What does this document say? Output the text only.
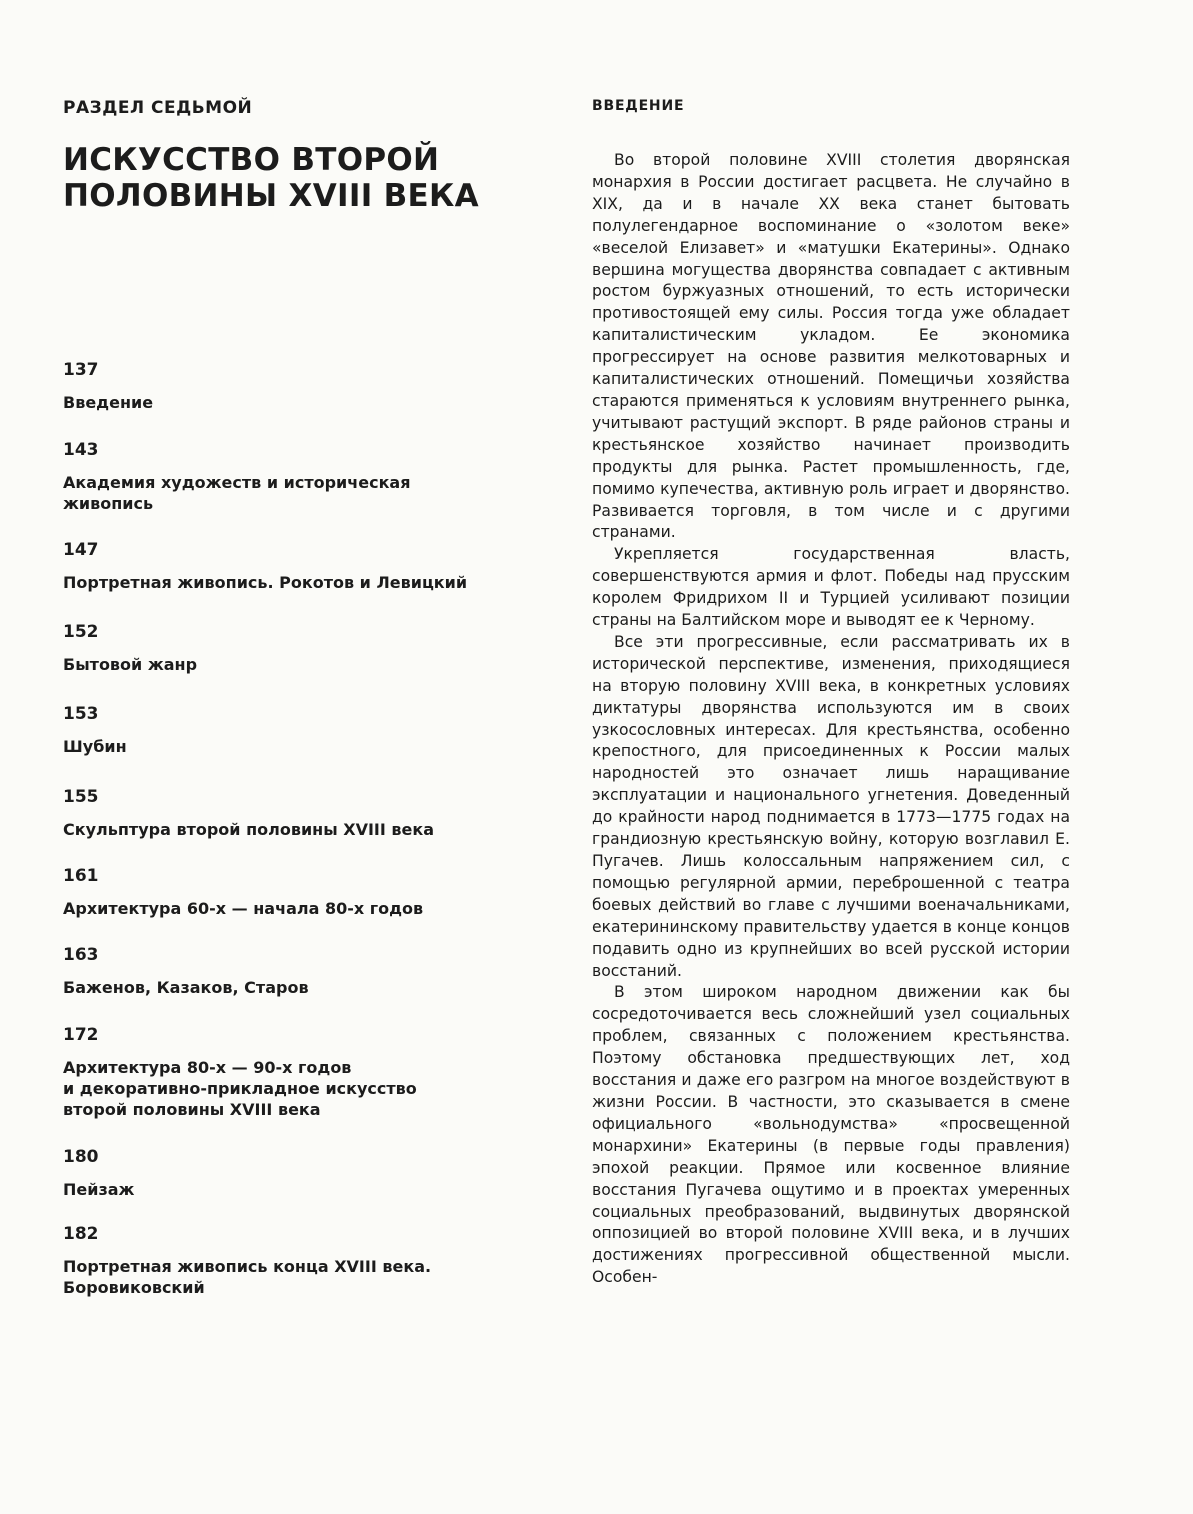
РАЗДЕЛ СЕДЬМОЙ
ИСКУССТВО ВТОРОЙ
ПОЛОВИНЫ XVIII ВЕКА
137
Введение
143
Академия художеств и историческая
живопись
147
Портретная живопись. Рокотов и Левицкий
152
Бытовой жанр
153
Шубин
155
Скульптура второй половины XVIII века
161
Архитектура 60-х — начала 80-х годов
163
Баженов, Казаков, Старов
172
Архитектура 80-х — 90-х годов
и декоративно-прикладное искусство
второй половины XVIII века
180
Пейзаж
182
Портретная живопись конца XVIII века.
Боровиковский
ВВЕДЕНИЕ

Во второй половине XVIII столетия дворянская монархия в России достигает расцвета. Не случайно в XIX, да и в начале XX века станет бытовать полулегендарное воспоминание о «золотом веке» «веселой Елизавет» и «матушки Екатерины». Однако вершина могущества дворянства совпадает с активным ростом буржуазных отношений, то есть исторически противостоящей ему силы. Россия тогда уже обладает капиталистическим укладом. Ее экономика прогрессирует на основе развития мелкотоварных и капиталистических отношений. Помещичьи хозяйства стараются применяться к условиям внутреннего рынка, учитывают растущий экспорт. В ряде районов страны и крестьянское хозяйство начинает производить продукты для рынка. Растет промышленность, где, помимо купечества, активную роль играет и дворянство. Развивается торговля, в том числе и с другими странами.

Укрепляется государственная власть, совершенствуются армия и флот. Победы над прусским королем Фридрихом II и Турцией усиливают позиции страны на Балтийском море и выводят ее к Черному.

Все эти прогрессивные, если рассматривать их в исторической перспективе, изменения, приходящиеся на вторую половину XVIII века, в конкретных условиях диктатуры дворянства используются им в своих узкосословных интересах. Для крестьянства, особенно крепостного, для присоединенных к России малых народностей это означает лишь наращивание эксплуатации и национального угнетения. Доведенный до крайности народ поднимается в 1773—1775 годах на грандиозную крестьянскую войну, которую возглавил Е. Пугачев. Лишь колоссальным напряжением сил, с помощью регулярной армии, переброшенной с театра боевых действий во главе с лучшими военачальниками, екатерининскому правительству удается в конце концов подавить одно из крупнейших во всей русской истории восстаний.

В этом широком народном движении как бы сосредоточивается весь сложнейший узел социальных проблем, связанных с положением крестьянства. Поэтому обстановка предшествующих лет, ход восстания и даже его разгром на многое воздействуют в жизни России. В частности, это сказывается в смене официального «вольнодумства» «просвещенной монархини» Екатерины (в первые годы правления) эпохой реакции. Прямое или косвенное влияние восстания Пугачева ощутимо и в проектах умеренных социальных преобразований, выдвинутых дворянской оппозицией во второй половине XVIII века, и в лучших достижениях прогрессивной общественной мысли. Особен-
